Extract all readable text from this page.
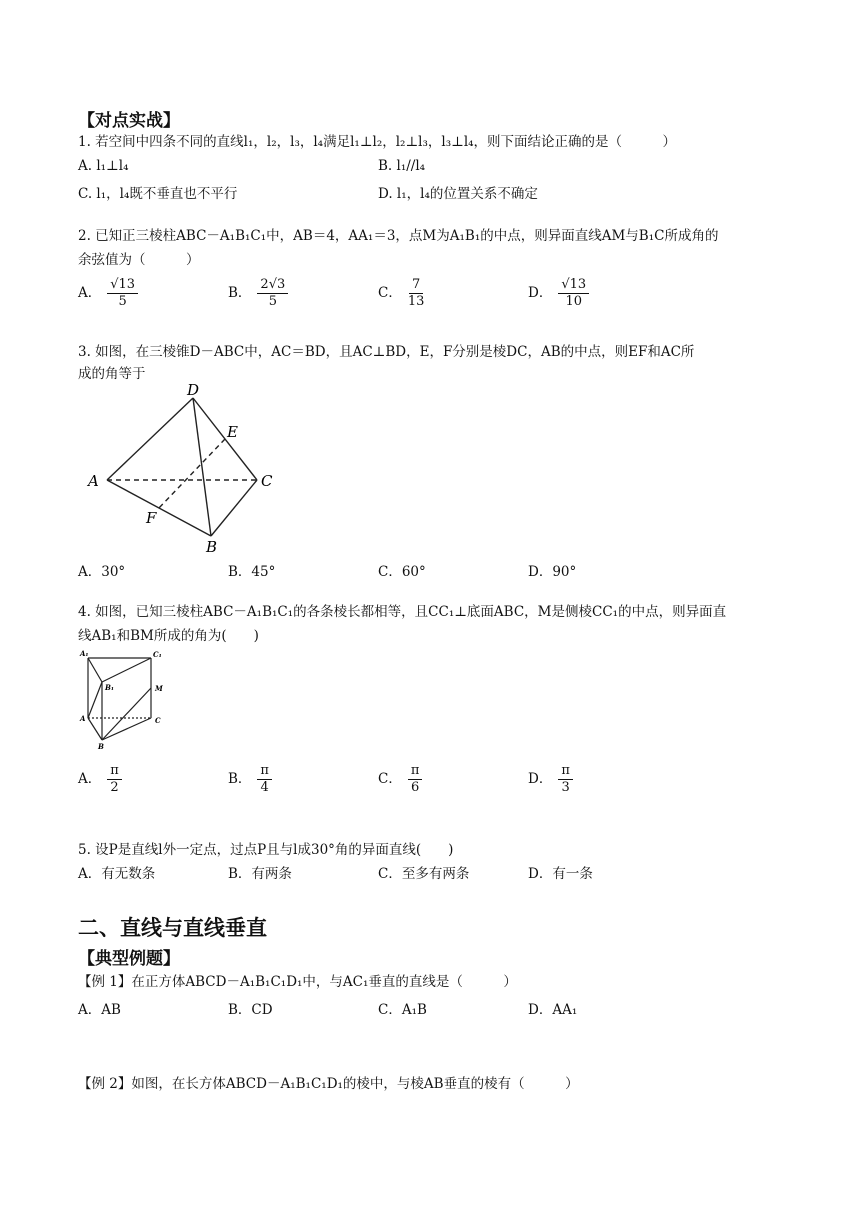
【对点实战】
1. 若空间中四条不同的直线l₁，l₂，l₃，l₄满足l₁⊥l₂，l₂⊥l₃，l₃⊥l₄，则下面结论正确的是（　　　）
A. l₁⊥l₄	B. l₁//l₄
C. l₁，l₄既不垂直也不平行	D. l₁，l₄的位置关系不确定
2. 已知正三棱柱ABC－A₁B₁C₁中，AB＝4，AA₁＝3，点M为A₁B₁的中点，则异面直线AM与B₁C所成角的
余弦值为（　　　）
A． $\frac{√13}{5}$	B． $\frac{2√3}{5}$	C． $\frac{7}{13}$	D． $\frac{√13}{10}$
3. 如图，在三棱锥D－ABC中，AC＝BD，且AC⊥BD，E，F分别是棱DC，AB的中点，则EF和AC所
成的角等于
D
E
A	C
F
B
A．30°	B．45°	C．60°	D．90°
4. 如图，已知三棱柱ABC－A₁B₁C₁的各条棱长都相等，且CC₁⊥底面ABC，M是侧棱CC₁的中点，则异面直
线AB₁和BM所成的角为(　　)
A₁	C₁
B₁	M
A	C
B
A． $\frac{\pi}{2}$	B． $\frac{\pi}{4}$	C． $\frac{\pi}{6}$	D． $\frac{\pi}{3}$
5. 设P是直线l外一定点，过点P且与l成30°角的异面直线(　　)
A．有无数条	B．有两条	C．至多有两条	D．有一条
二、直线与直线垂直
【典型例题】
【例 1】在正方体ABCD－A₁B₁C₁D₁中，与AC₁垂直的直线是（　　　）
A．AB	B．CD	C．A₁B	D．AA₁
【例 2】如图，在长方体ABCD－A₁B₁C₁D₁的棱中，与棱AB垂直的棱有（　　　）
